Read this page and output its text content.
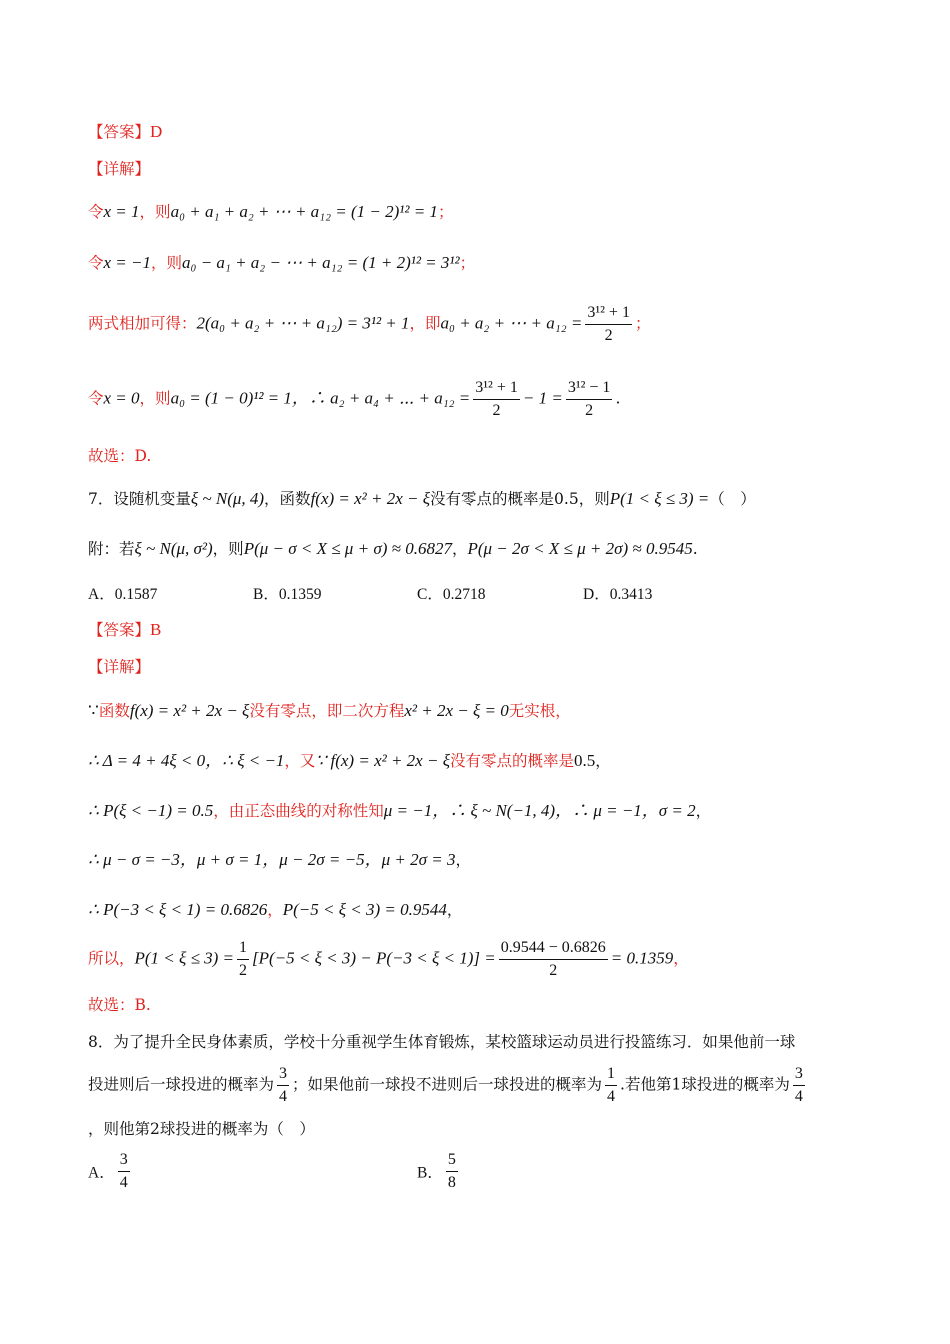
【答案】D
【详解】
令x = 1，则a₀ + a₁ + a₂ + ⋯ + a₁₂ = (1 − 2)¹² = 1；
令x = −1，则a₀ − a₁ + a₂ − ⋯ + a₁₂ = (1 + 2)¹² = 3¹²；
两式相加可得：2(a₀ + a₂ + ⋯ + a₁₂) = 3¹² + 1，即a₀ + a₂ + ⋯ + $a_{12} = \frac{\text{3¹² + 1}}{2}$ ；
令x = 0，则a₀ = (1 − 0)¹² = 1，∴ a₂ + a₄ + ⋯ + $a_{12} = \frac{\text{3¹² + 1}}{2} - 1 = \frac{\text{3¹² − 1}}{2}$ .
故选：D.
7．设随机变量ξ ~ N(μ, 4)，函数f(x) = x² + 2x − ξ没有零点的概率是0.5，则P(1 < ξ ≤ 3) =（　）
附：若ξ ~ N(μ, σ²)，则P(μ − σ < X ≤ μ + σ) ≈ 0.6827，P(μ − 2σ < X ≤ μ + 2σ) ≈ 0.9545.
A．0.1587	B．0.1359	C．0.2718	D．0.3413
【答案】B
【详解】
∵函数f(x) = x² + 2x − ξ没有零点，即二次方程x² + 2x − ξ = 0无实根，
∴ Δ = 4 + 4ξ < 0，∴ ξ < −1，又∵ f(x) = x² + 2x − ξ没有零点的概率是0.5，
∴ P(ξ < −1) = 0.5，由正态曲线的对称性知μ = −1，∴ ξ ~ N(−1, 4)，∴ μ = −1，σ = 2，
∴ μ − σ = −3，μ + σ = 1，μ − 2σ = −5，μ + 2σ = 3，
∴ P(−3 < ξ < 1) = 0.6826，P(−5 < ξ < 3) = 0.9544，
所以，$P(1 < \xi \le 3) = \frac{1}{2} [P(-5 < \xi < 3) - P(-3 < \xi < 1)] = \frac{0.9544 - 0.6826}{2} = 0.1359$，
故选：B.
8．为了提升全民身体素质，学校十分重视学生体育锻炼，某校篮球运动员进行投篮练习．如果他前一球
投进则后一球投进的概率为 $\frac{3}{4}$ ；如果他前一球投不进则后一球投进的概率为 $\frac{1}{4}$ .若他第1球投进的概率为 $\frac{3}{4}$
，则他第2球投进的概率为（　）
A． $\frac{3}{4}$	B． $\frac{5}{8}$
